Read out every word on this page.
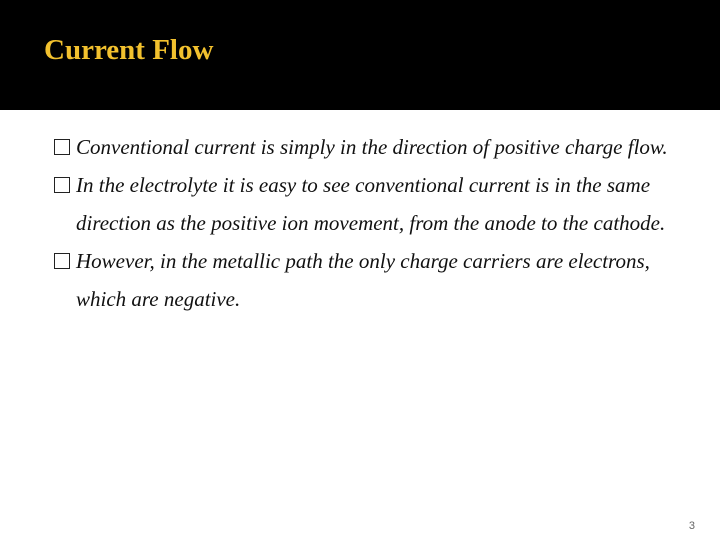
Current Flow
Conventional current is simply in the direction of positive charge flow.
In the electrolyte it is easy to see conventional current is in the same direction as the positive ion movement, from the anode to the cathode.
However, in the metallic path the only charge carriers are electrons, which are negative.
3
